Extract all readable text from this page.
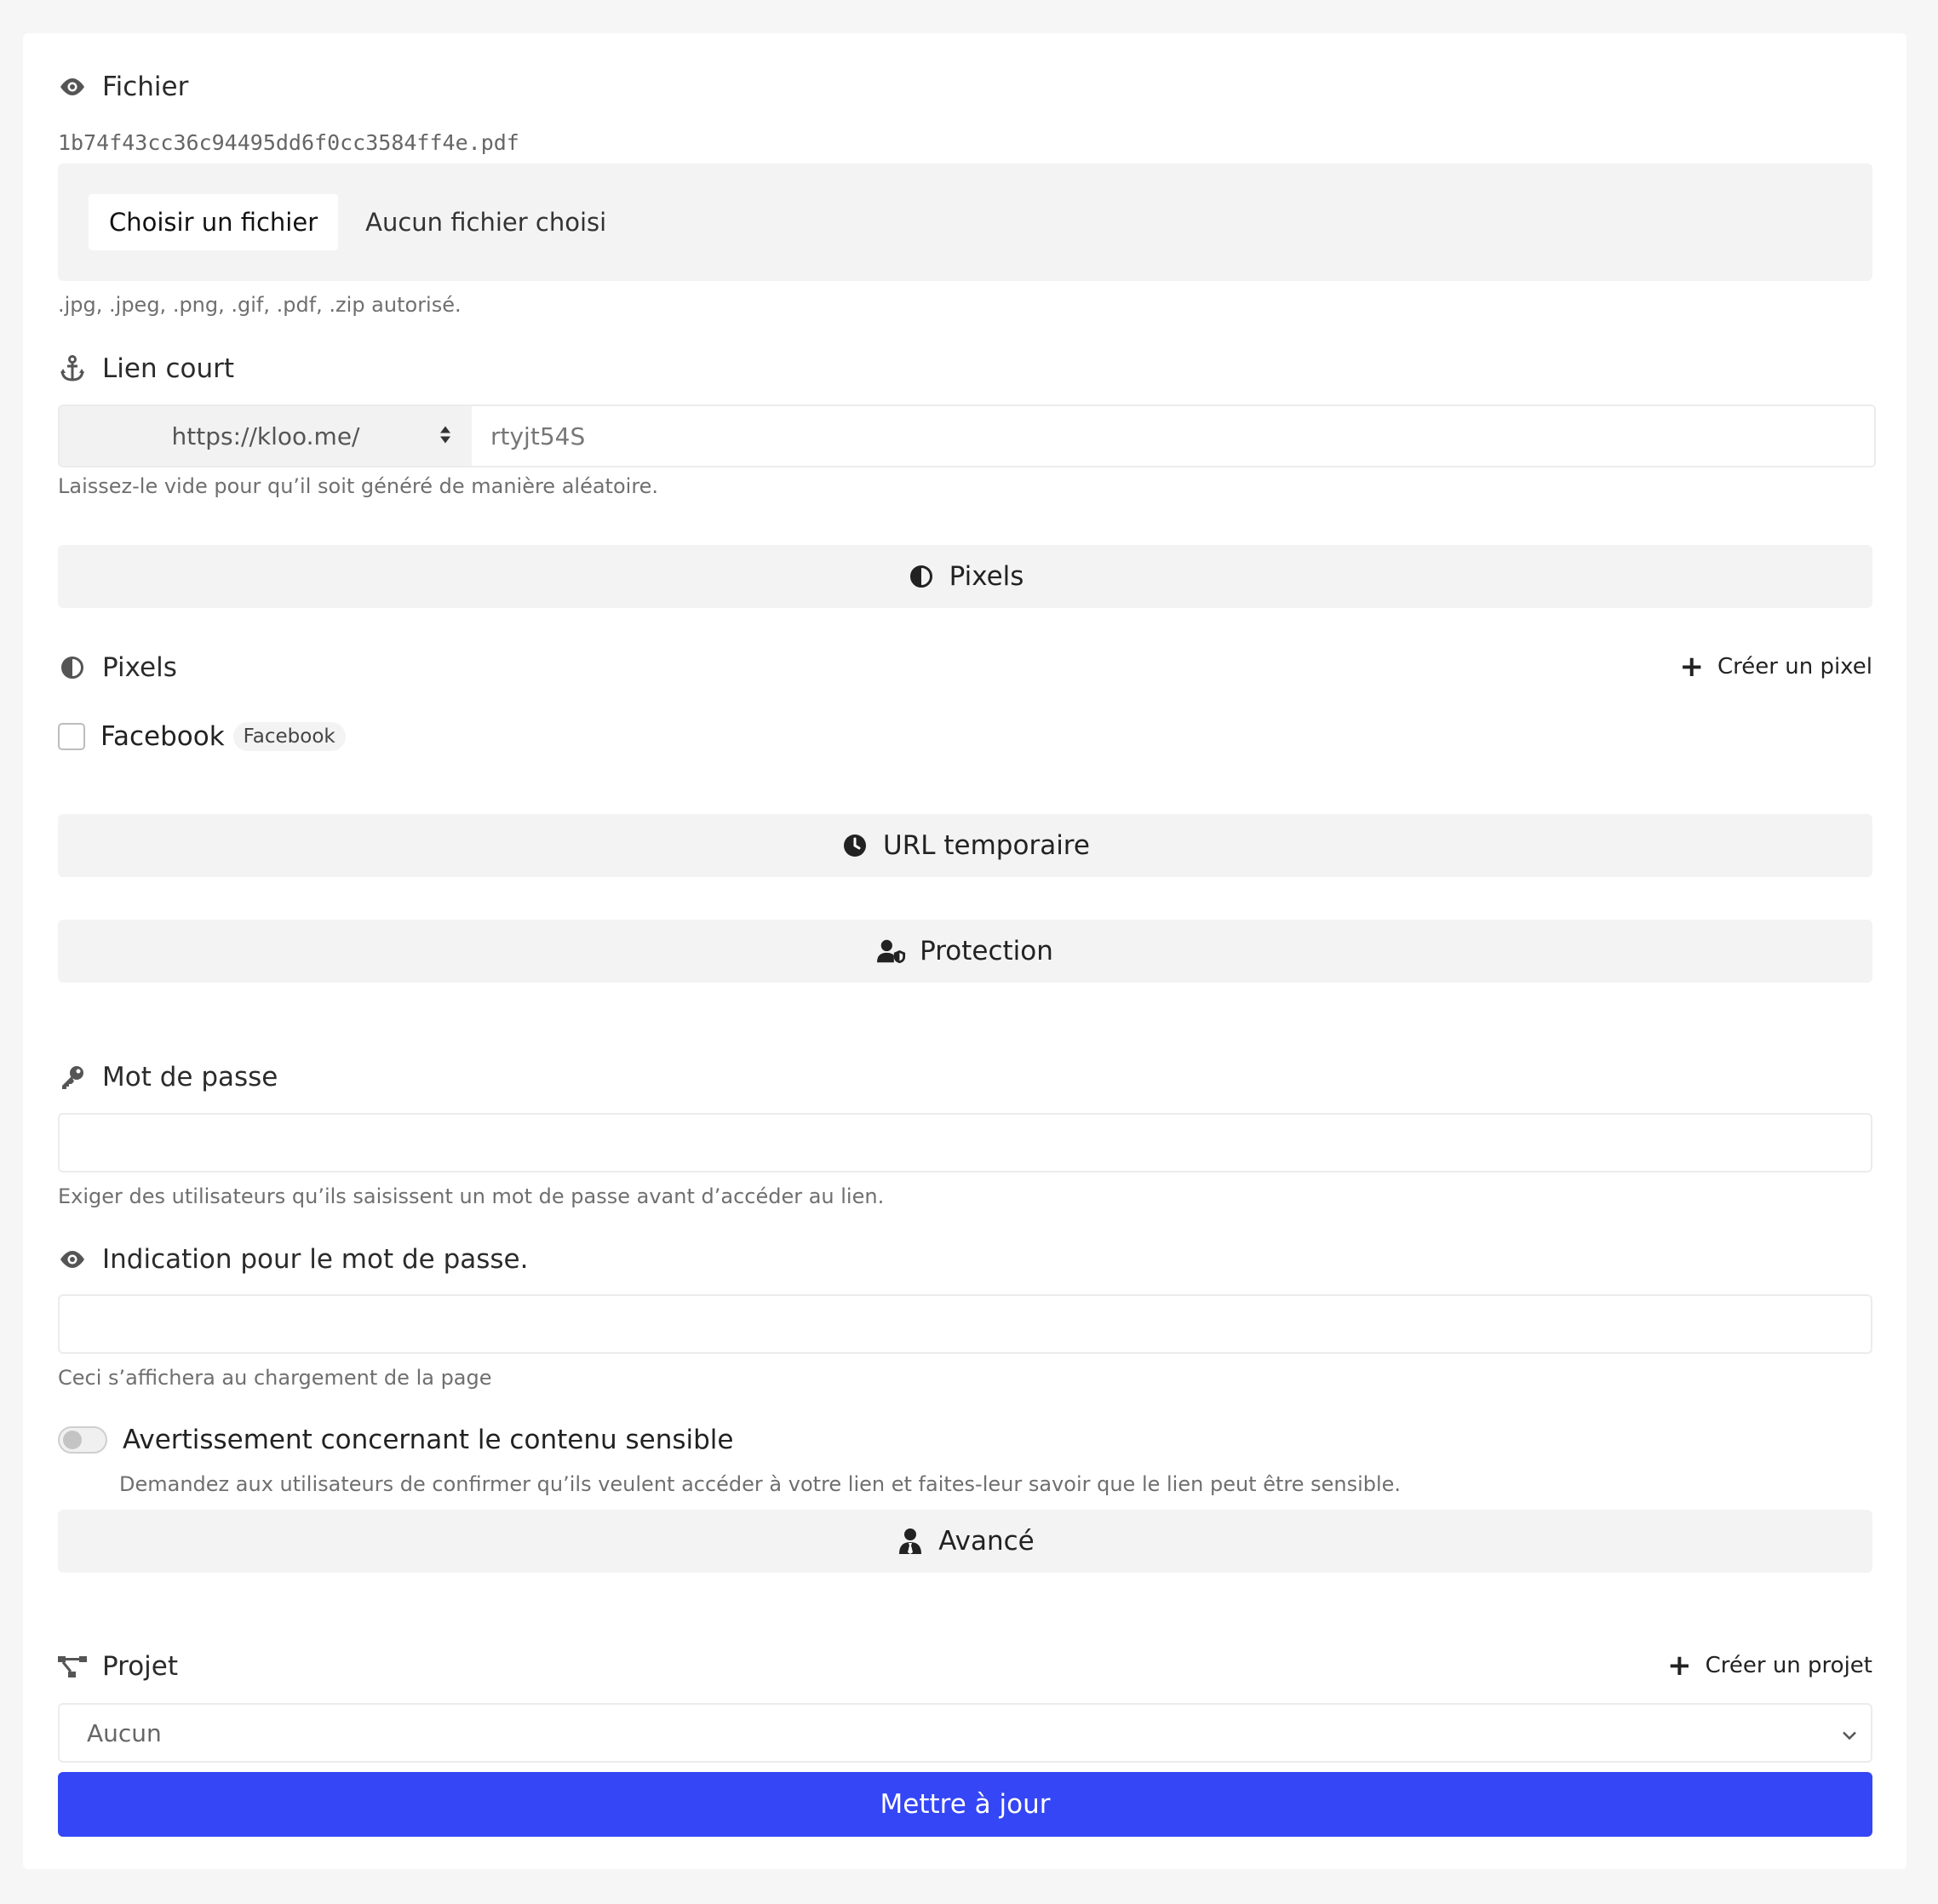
Fichier
1b74f43cc36c94495dd6f0cc3584ff4e.pdf
Choisir un fichier	Aucun fichier choisi
.jpg, .jpeg, .png, .gif, .pdf, .zip autorisé.
Lien court
https://kloo.me/	rtyjt54S
Laissez-le vide pour qu’il soit généré de manière aléatoire.
Pixels
Pixels	+ Créer un pixel
Facebook Facebook
URL temporaire
Protection
Mot de passe
Exiger des utilisateurs qu’ils saisissent un mot de passe avant d’accéder au lien.
Indication pour le mot de passe.
Ceci s’affichera au chargement de la page
Avertissement concernant le contenu sensible
Demandez aux utilisateurs de confirmer qu’ils veulent accéder à votre lien et faites-leur savoir que le lien peut être sensible.
Avancé
Projet	+ Créer un projet
Aucun
Mettre à jour
